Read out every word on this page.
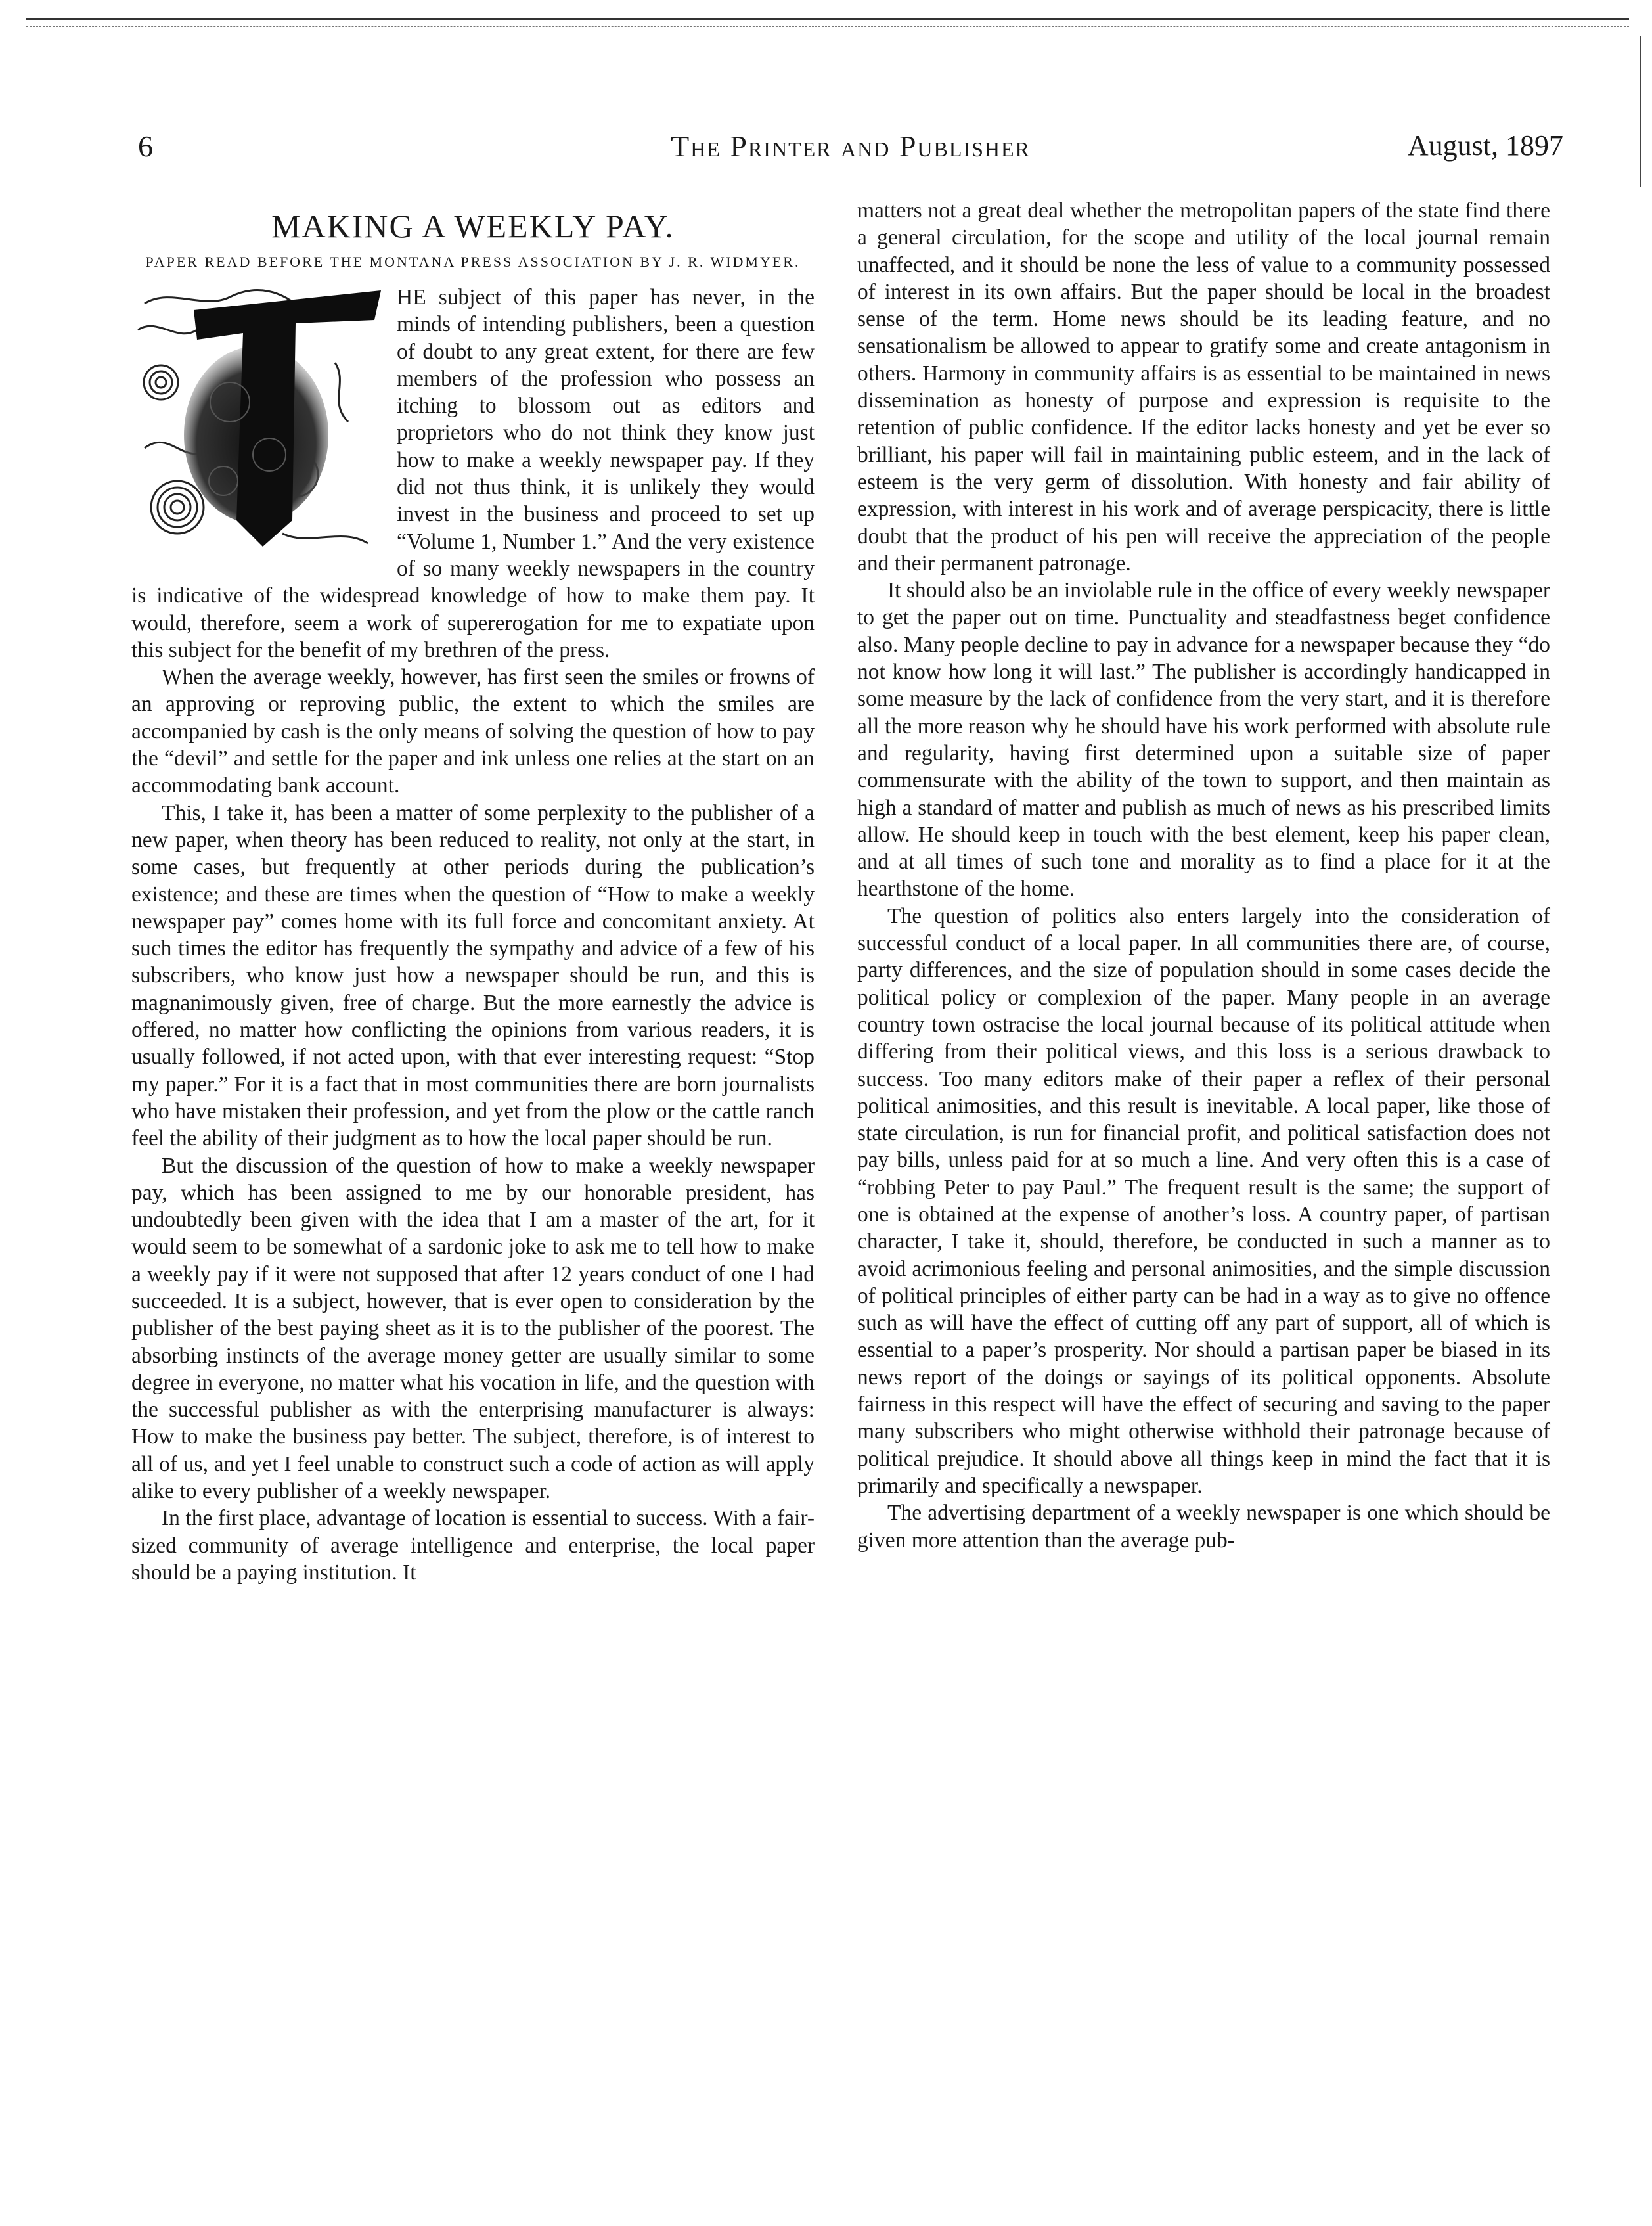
6	The Printer and Publisher	August, 1897
MAKING A WEEKLY PAY.
PAPER READ BEFORE THE MONTANA PRESS ASSOCIATION BY J. R. WIDMYER.

HE subject of this paper has never, in the minds of intending publishers, been a question of doubt to any great extent, for there are few members of the profession who possess an itching to blossom out as editors and proprietors who do not think they know just how to make a weekly newspaper pay. If they did not thus think, it is unlikely they would invest in the business and proceed to set up “Volume 1, Number 1.” And the very existence of so many weekly newspapers in the country is indicative of the widespread knowledge of how to make them pay. It would, therefore, seem a work of supererogation for me to expatiate upon this subject for the benefit of my brethren of the press.

When the average weekly, however, has first seen the smiles or frowns of an approving or reproving public, the extent to which the smiles are accompanied by cash is the only means of solving the question of how to pay the “devil” and settle for the paper and ink unless one relies at the start on an accommodating bank account.

This, I take it, has been a matter of some perplexity to the publisher of a new paper, when theory has been reduced to reality, not only at the start, in some cases, but frequently at other periods during the publication’s existence; and these are times when the question of “How to make a weekly newspaper pay” comes home with its full force and concomitant anxiety. At such times the editor has frequently the sympathy and advice of a few of his subscribers, who know just how a newspaper should be run, and this is magnanimously given, free of charge. But the more earnestly the advice is offered, no matter how conflicting the opinions from various readers, it is usually followed, if not acted upon, with that ever interesting request: “Stop my paper.” For it is a fact that in most communities there are born journalists who have mistaken their profession, and yet from the plow or the cattle ranch feel the ability of their judgment as to how the local paper should be run.

But the discussion of the question of how to make a weekly newspaper pay, which has been assigned to me by our honorable president, has undoubtedly been given with the idea that I am a master of the art, for it would seem to be somewhat of a sardonic joke to ask me to tell how to make a weekly pay if it were not supposed that after 12 years conduct of one I had succeeded. It is a subject, however, that is ever open to consideration by the publisher of the best paying sheet as it is to the publisher of the poorest. The absorbing instincts of the average money getter are usually similar to some degree in everyone, no matter what his vocation in life, and the question with the successful publisher as with the enterprising manufacturer is always: How to make the business pay better. The subject, therefore, is of interest to all of us, and yet I feel unable to construct such a code of action as will apply alike to every publisher of a weekly newspaper.

In the first place, advantage of location is essential to success. With a fair-sized community of average intelligence and enterprise, the local paper should be a paying institution. It

matters not a great deal whether the metropolitan papers of the state find there a general circulation, for the scope and utility of the local journal remain unaffected, and it should be none the less of value to a community possessed of interest in its own affairs. But the paper should be local in the broadest sense of the term. Home news should be its leading feature, and no sensationalism be allowed to appear to gratify some and create antagonism in others. Harmony in community affairs is as essential to be maintained in news dissemination as honesty of purpose and expression is requisite to the retention of public confidence. If the editor lacks honesty and yet be ever so brilliant, his paper will fail in maintaining public esteem, and in the lack of esteem is the very germ of dissolution. With honesty and fair ability of expression, with interest in his work and of average perspicacity, there is little doubt that the product of his pen will receive the appreciation of the people and their permanent patronage.

It should also be an inviolable rule in the office of every weekly newspaper to get the paper out on time. Punctuality and steadfastness beget confidence also. Many people decline to pay in advance for a newspaper because they “do not know how long it will last.” The publisher is accordingly handicapped in some measure by the lack of confidence from the very start, and it is therefore all the more reason why he should have his work performed with absolute rule and regularity, having first determined upon a suitable size of paper commensurate with the ability of the town to support, and then maintain as high a standard of matter and publish as much of news as his prescribed limits allow. He should keep in touch with the best element, keep his paper clean, and at all times of such tone and morality as to find a place for it at the hearthstone of the home.

The question of politics also enters largely into the consideration of successful conduct of a local paper. In all communities there are, of course, party differences, and the size of population should in some cases decide the political policy or complexion of the paper. Many people in an average country town ostracise the local journal because of its political attitude when differing from their political views, and this loss is a serious drawback to success. Too many editors make of their paper a reflex of their personal political animosities, and this result is inevitable. A local paper, like those of state circulation, is run for financial profit, and political satisfaction does not pay bills, unless paid for at so much a line. And very often this is a case of “robbing Peter to pay Paul.” The frequent result is the same; the support of one is obtained at the expense of another’s loss. A country paper, of partisan character, I take it, should, therefore, be conducted in such a manner as to avoid acrimonious feeling and personal animosities, and the simple discussion of political principles of either party can be had in a way as to give no offence such as will have the effect of cutting off any part of support, all of which is essential to a paper’s prosperity. Nor should a partisan paper be biased in its news report of the doings or sayings of its political opponents. Absolute fairness in this respect will have the effect of securing and saving to the paper many subscribers who might otherwise withhold their patronage because of political prejudice. It should above all things keep in mind the fact that it is primarily and specifically a newspaper.

The advertising department of a weekly newspaper is one which should be given more attention than the average pub-
